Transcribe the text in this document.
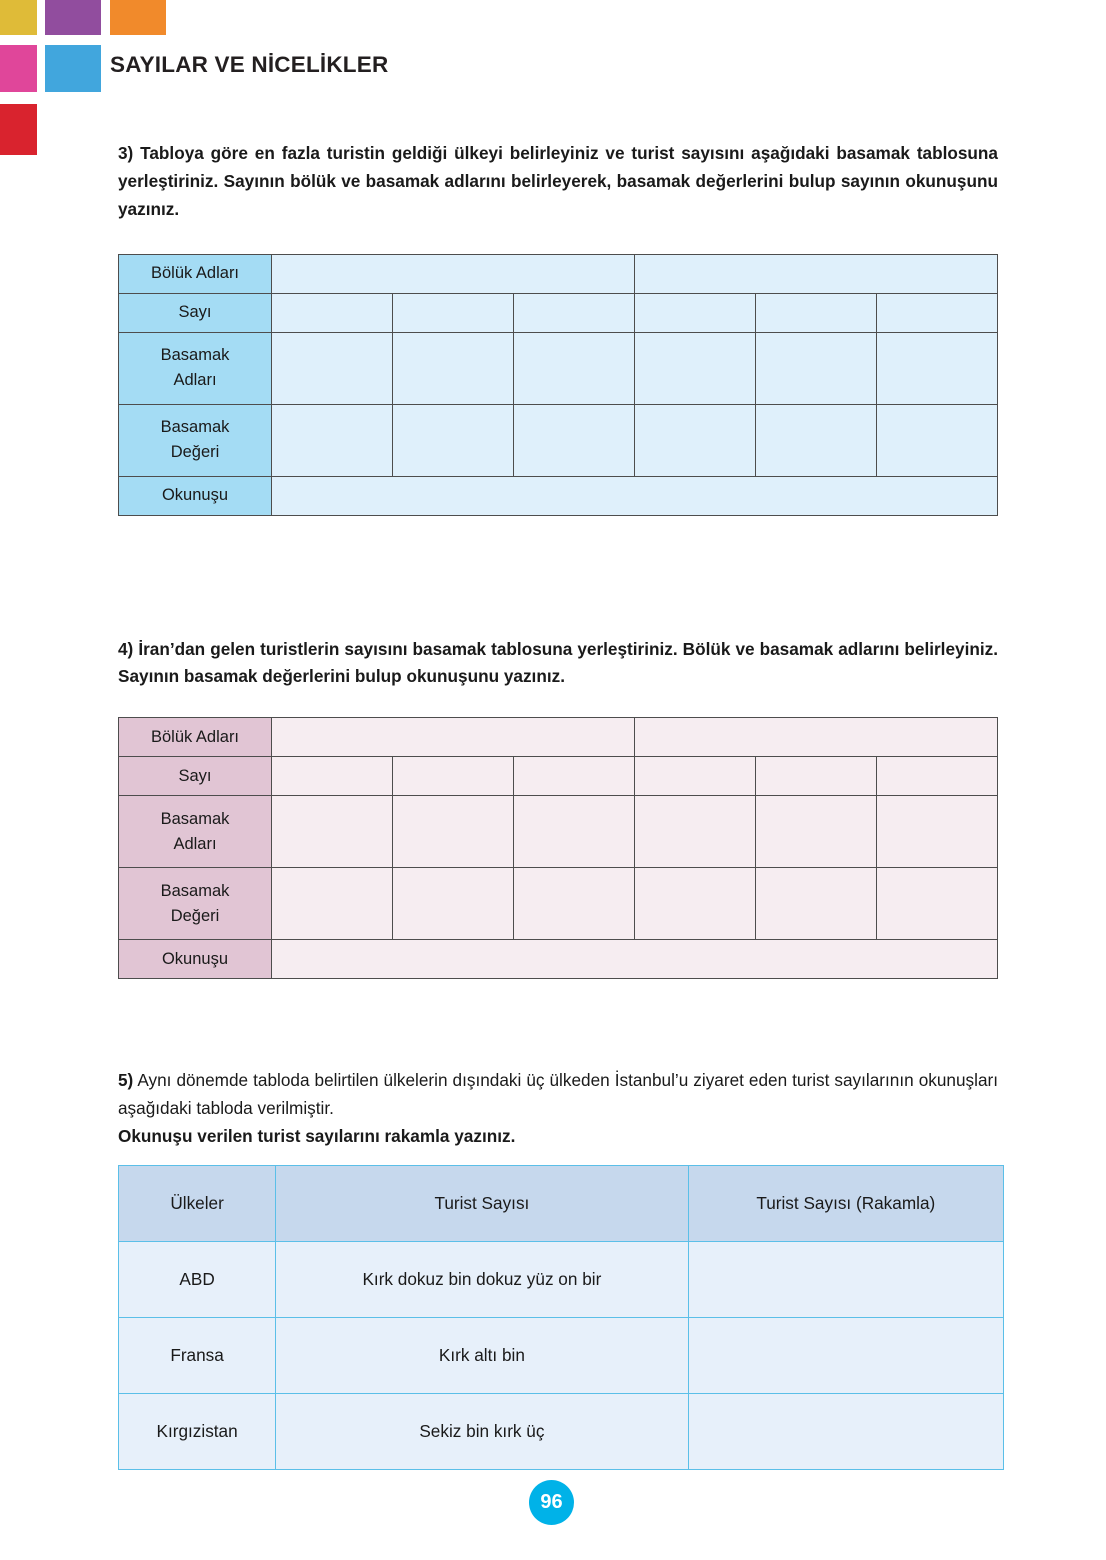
SAYILAR VE NİCELİKLER

3) Tabloya göre en fazla turistin geldiği ülkeyi belirleyiniz ve turist sayısını aşağıdaki basamak tablosuna yerleştiriniz. Sayının bölük ve basamak adlarını belirleyerek, basamak değerlerini bulup sayının okunuşunu yazınız.

Bölük Adları						
Sayı						
Basamak
Adları						
Basamak
Değeri						
Okunuşu						

4) İran’dan gelen turistlerin sayısını basamak tablosuna yerleştiriniz. Bölük ve basamak adlarını belirleyiniz. Sayının basamak değerlerini bulup okunuşunu yazınız.

Bölük Adları						
Sayı						
Basamak
Adları						
Basamak
Değeri						
Okunuşu						

5) Aynı dönemde tabloda belirtilen ülkelerin dışındaki üç ülkeden İstanbul’u ziyaret eden turist sayılarının okunuşları aşağıdaki tabloda verilmiştir.

Okunuşu verilen turist sayılarını rakamla yazınız.

Ülkeler	Turist Sayısı	Turist Sayısı (Rakamla)
ABD	Kırk dokuz bin dokuz yüz on bir	
Fransa	Kırk altı bin	
Kırgızistan	Sekiz bin kırk üç	
96
